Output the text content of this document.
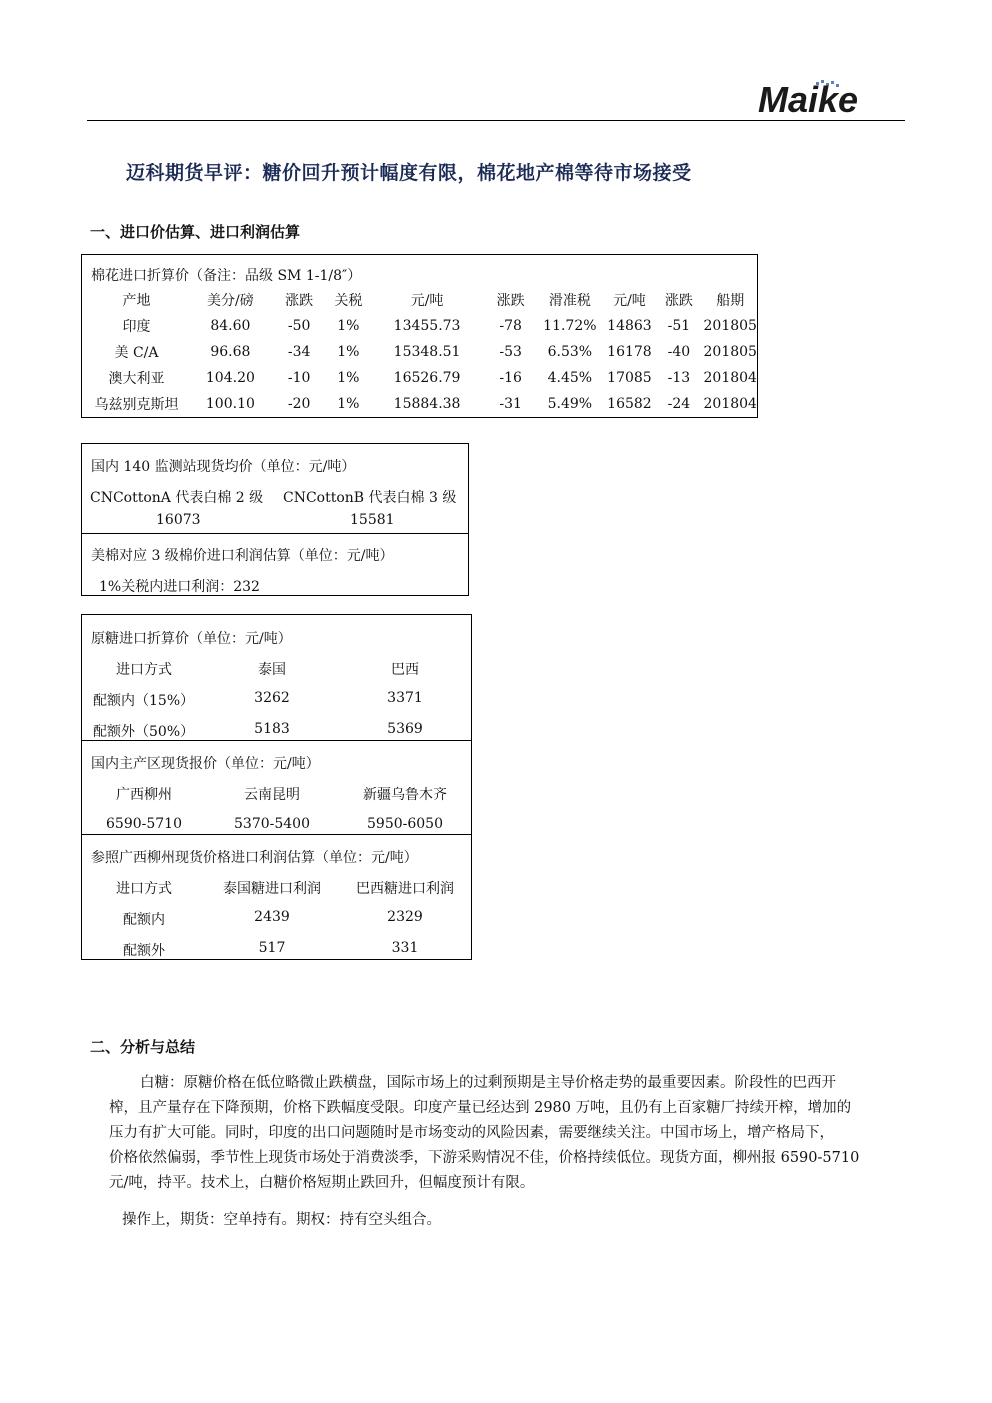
Maike
迈科期货早评：糖价回升预计幅度有限，棉花地产棉等待市场接受
一、进口价估算、进口利润估算
棉花进口折算价（备注：品级 SM 1-1/8″）
产地	美分/磅	涨跌	关税	元/吨	涨跌	滑准税	元/吨	涨跌	船期
印度	84.60	-50	1%	13455.73	-78	11.72%	14863	-51	201805
美 C/A	96.68	-34	1%	15348.51	-53	6.53%	16178	-40	201805
澳大利亚	104.20	-10	1%	16526.79	-16	4.45%	17085	-13	201804
乌兹别克斯坦	100.10	-20	1%	15884.38	-31	5.49%	16582	-24	201804
国内 140 监测站现货均价（单位：元/吨）
CNCottonA 代表白棉 2 级 CNCottonB 代表白棉 3 级
16073	15581
美棉对应 3 级棉价进口利润估算（单位：元/吨）
1%关税内进口利润：232
原糖进口折算价（单位：元/吨）
进口方式	泰国	巴西
配额内（15%）	3262	3371
配额外（50%）	5183	5369
国内主产区现货报价（单位：元/吨）
广西柳州	云南昆明	新疆乌鲁木齐
6590-5710	5370-5400	5950-6050
参照广西柳州现货价格进口利润估算（单位：元/吨）
进口方式	泰国糖进口利润	巴西糖进口利润
配额内	2439	2329
配额外	517	331
二、分析与总结

白糖：原糖价格在低位略微止跌横盘，国际市场上的过剩预期是主导价格走势的最重要因素。阶段性的巴西开

榨，且产量存在下降预期，价格下跌幅度受限。印度产量已经达到 2980 万吨，且仍有上百家糖厂持续开榨，增加的

压力有扩大可能。同时，印度的出口问题随时是市场变动的风险因素，需要继续关注。中国市场上，增产格局下，

价格依然偏弱，季节性上现货市场处于消费淡季，下游采购情况不佳，价格持续低位。现货方面，柳州报 6590-5710

元/吨，持平。技术上，白糖价格短期止跌回升，但幅度预计有限。

操作上，期货：空单持有。期权：持有空头组合。
